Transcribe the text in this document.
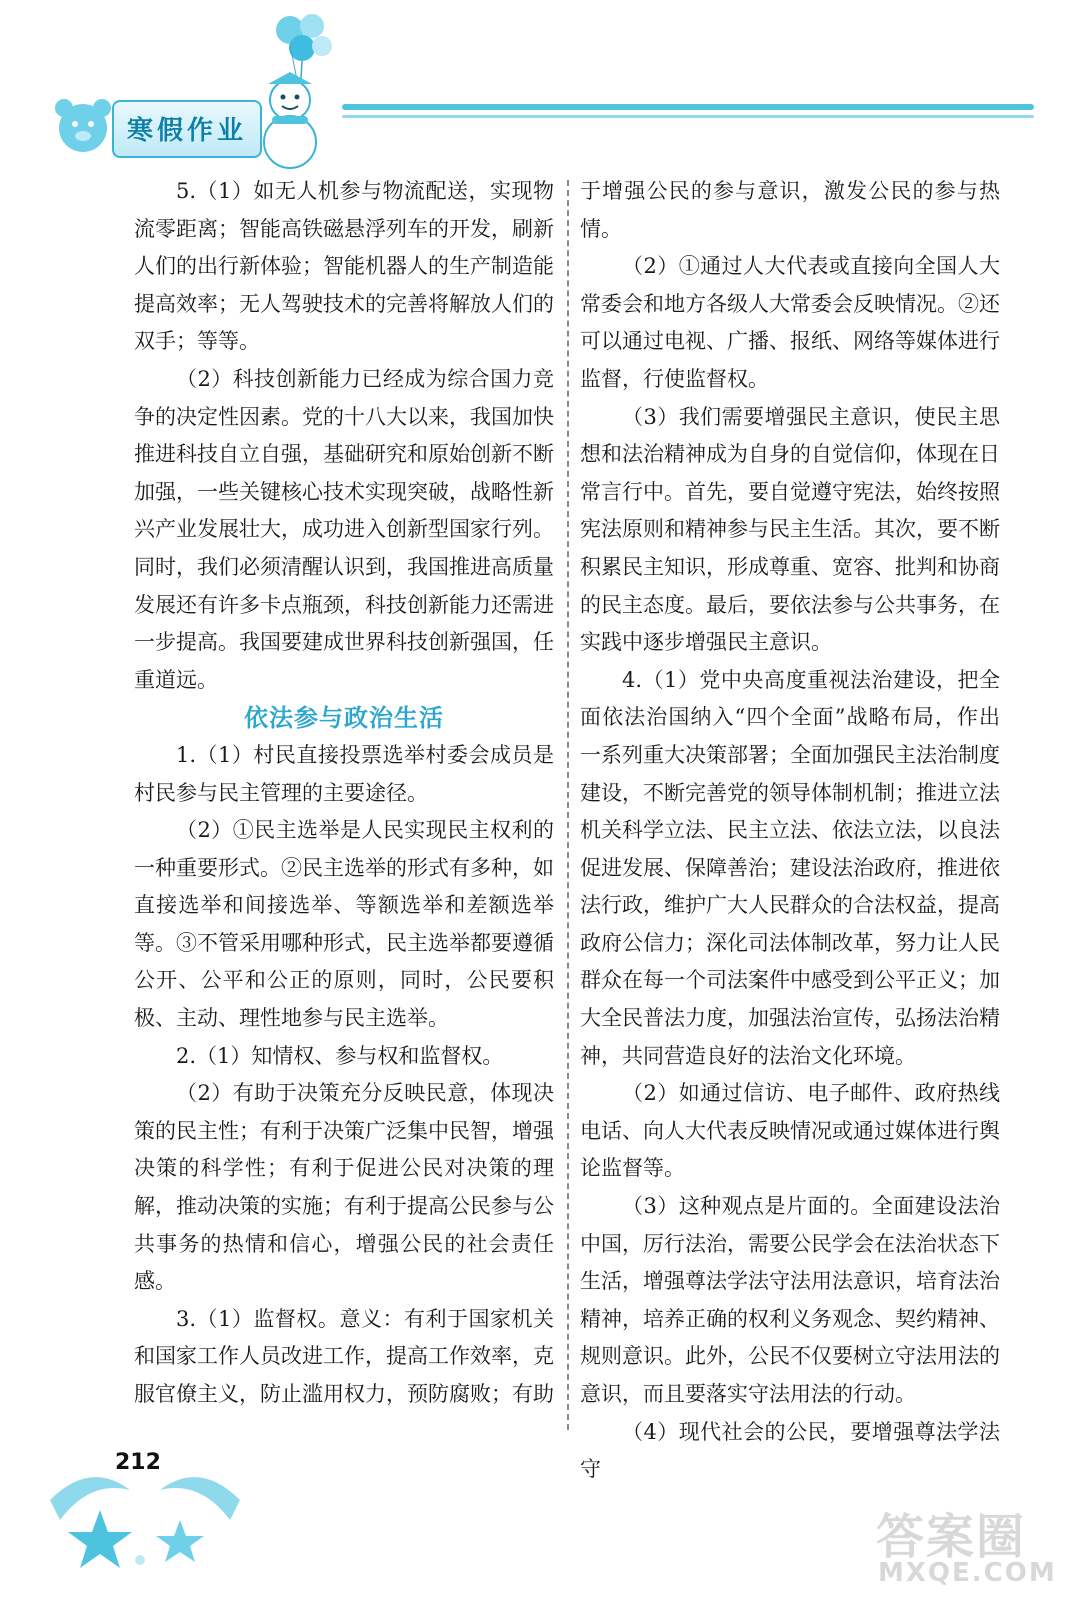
寒假作业

5.（1）如无人机参与物流配送，实现物流零距离；智能高铁磁悬浮列车的开发，刷新人们的出行新体验；智能机器人的生产制造能提高效率；无人驾驶技术的完善将解放人们的双手；等等。

（2）科技创新能力已经成为综合国力竞争的决定性因素。党的十八大以来，我国加快推进科技自立自强，基础研究和原始创新不断加强，一些关键核心技术实现突破，战略性新兴产业发展壮大，成功进入创新型国家行列。同时，我们必须清醒认识到，我国推进高质量发展还有许多卡点瓶颈，科技创新能力还需进一步提高。我国要建成世界科技创新强国，任重道远。

依法参与政治生活

1.（1）村民直接投票选举村委会成员是村民参与民主管理的主要途径。

（2）①民主选举是人民实现民主权利的一种重要形式。②民主选举的形式有多种，如直接选举和间接选举、等额选举和差额选举等。③不管采用哪种形式，民主选举都要遵循公开、公平和公正的原则，同时，公民要积极、主动、理性地参与民主选举。

2.（1）知情权、参与权和监督权。

（2）有助于决策充分反映民意，体现决策的民主性；有利于决策广泛集中民智，增强决策的科学性；有利于促进公民对决策的理解，推动决策的实施；有利于提高公民参与公共事务的热情和信心，增强公民的社会责任感。

3.（1）监督权。意义：有利于国家机关和国家工作人员改进工作，提高工作效率，克服官僚主义，防止滥用权力，预防腐败；有助

于增强公民的参与意识，激发公民的参与热情。

（2）①通过人大代表或直接向全国人大常委会和地方各级人大常委会反映情况。②还可以通过电视、广播、报纸、网络等媒体进行监督，行使监督权。

（3）我们需要增强民主意识，使民主思想和法治精神成为自身的自觉信仰，体现在日常言行中。首先，要自觉遵守宪法，始终按照宪法原则和精神参与民主生活。其次，要不断积累民主知识，形成尊重、宽容、批判和协商的民主态度。最后，要依法参与公共事务，在实践中逐步增强民主意识。

4.（1）党中央高度重视法治建设，把全面依法治国纳入“四个全面”战略布局，作出一系列重大决策部署；全面加强民主法治制度建设，不断完善党的领导体制机制；推进立法机关科学立法、民主立法、依法立法，以良法促进发展、保障善治；建设法治政府，推进依法行政，维护广大人民群众的合法权益，提高政府公信力；深化司法体制改革，努力让人民群众在每一个司法案件中感受到公平正义；加大全民普法力度，加强法治宣传，弘扬法治精神，共同营造良好的法治文化环境。

（2）如通过信访、电子邮件、政府热线电话、向人大代表反映情况或通过媒体进行舆论监督等。

（3）这种观点是片面的。全面建设法治中国，厉行法治，需要公民学会在法治状态下生活，增强尊法学法守法用法意识，培育法治精神，培养正确的权利义务观念、契约精神、规则意识。此外，公民不仅要树立守法用法的意识，而且要落实守法用法的行动。

（4）现代社会的公民，要增强尊法学法守

212
答案圈
MXQE.COM
